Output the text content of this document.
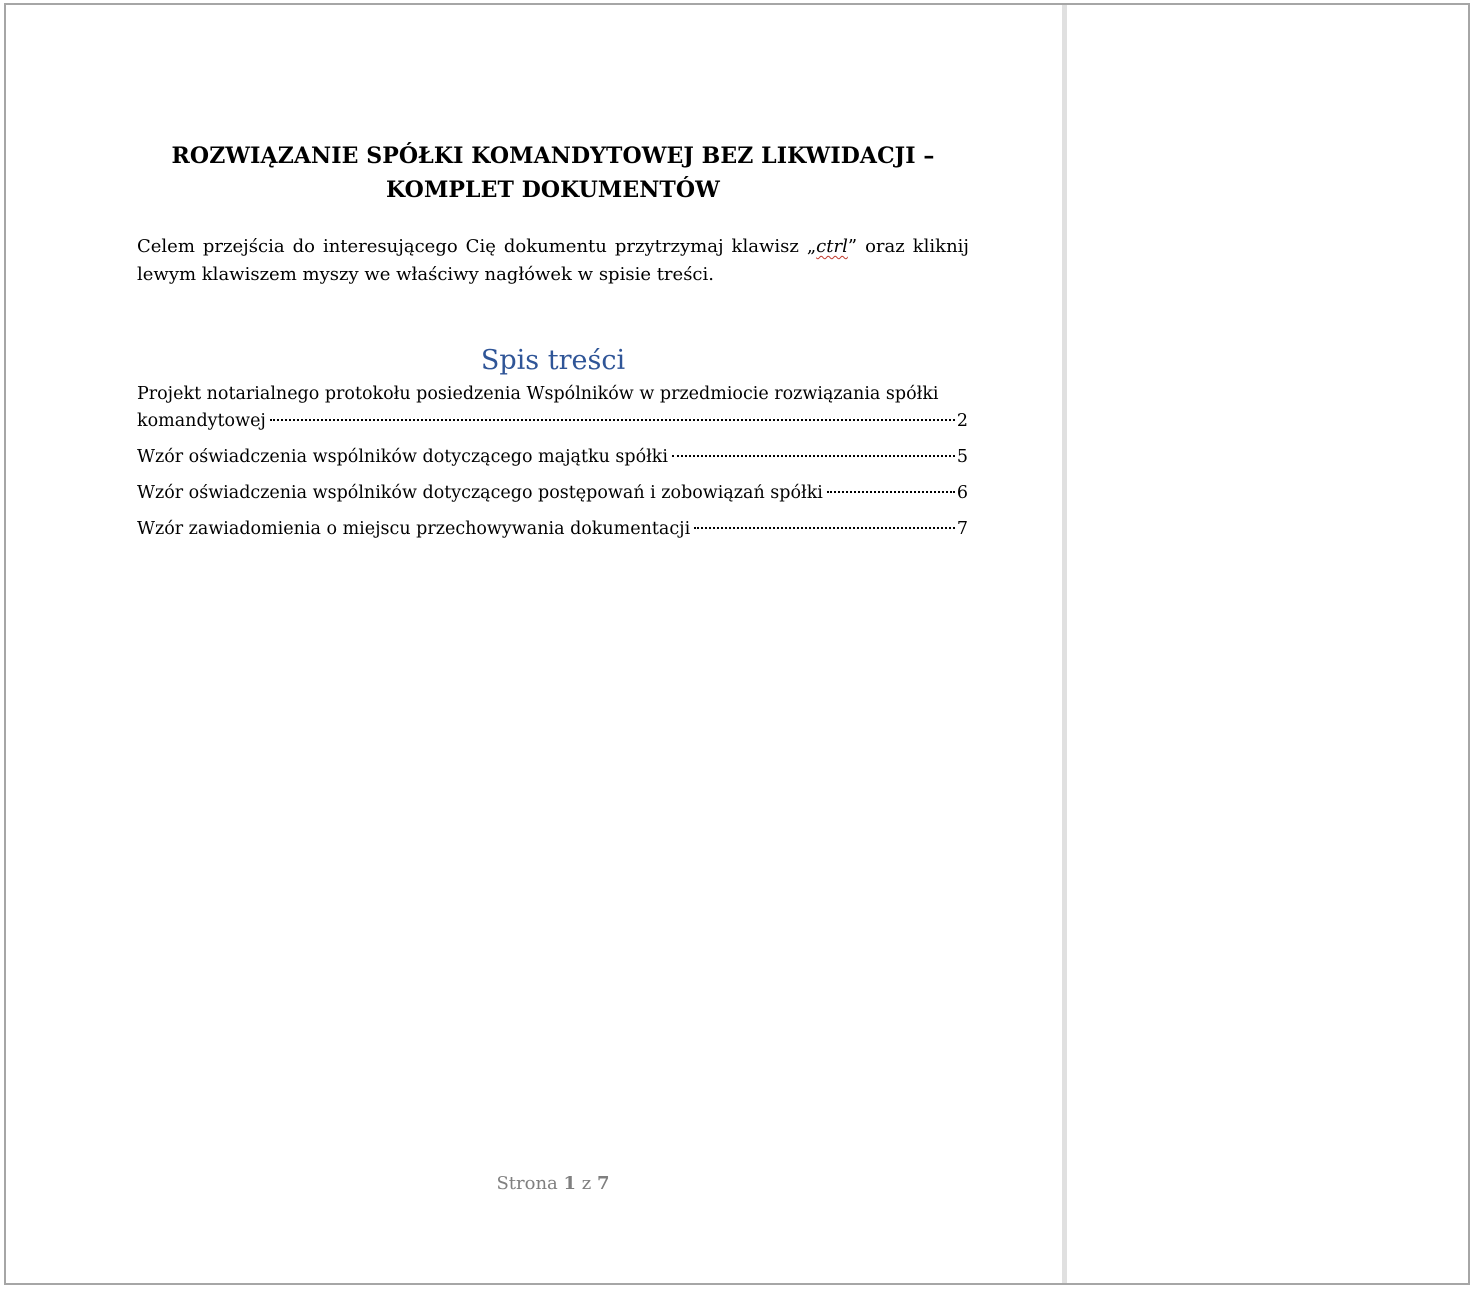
ROZWIĄZANIE SPÓŁKI KOMANDYTOWEJ BEZ LIKWIDACJI – KOMPLET DOKUMENTÓW

Celem przejścia do interesującego Cię dokumentu przytrzymaj klawisz „ctrl” oraz kliknij lewym klawiszem myszy we właściwy nagłówek w spisie treści.

Spis treści
Projekt notarialnego protokołu posiedzenia Wspólników w przedmiocie rozwiązania spółki
komandytowej	2
Wzór oświadczenia wspólników dotyczącego majątku spółki	5
Wzór oświadczenia wspólników dotyczącego postępowań i zobowiązań spółki	6
Wzór zawiadomienia o miejscu przechowywania dokumentacji	7
Strona 1 z 7
